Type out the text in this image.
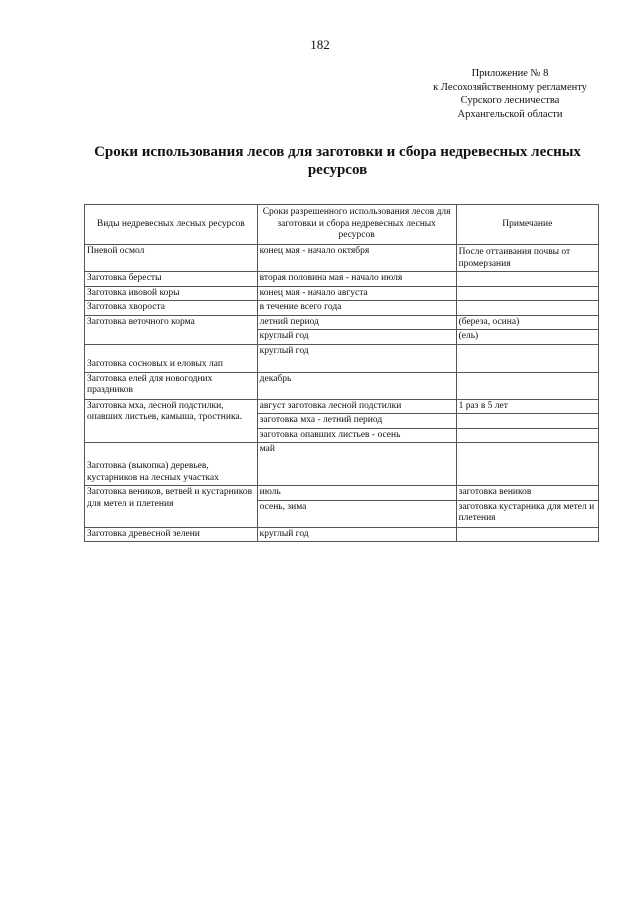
182
Приложение № 8
к Лесохозяйственному регламенту
Сурского лесничества
Архангельской области
Сроки использования лесов для заготовки и сбора недревесных лесных ресурсов
Виды недревесных лесных ресурсов	Сроки разрешенного использования лесов для заготовки и сбора недревесных лесных ресурсов	Примечание
Пневой осмол	конец мая - начало октября	После оттаивания почвы от промерзания
Заготовка бересты	вторая половина мая - начало июля	
Заготовка ивовой коры	конец мая - начало августа	
Заготовка хвороста	в течение всего года	
Заготовка веточного корма	летний период	(береза, осина)
	круглый год	(ель)
Заготовка сосновых и еловых лап	круглый год	
Заготовка елей для новогодних праздников	декабрь	
Заготовка мха, лесной подстилки, опавших листьев, камыша, тростника.	август заготовка лесной подстилки	1 раз в 5 лет
	заготовка мха - летний период	
	заготовка опавших листьев - осень	
Заготовка (выкопка) деревьев, кустарников на лесных участках	май	
Заготовка веников, ветвей и кустарников для метел и плетения	июль	заготовка веников
	осень, зима	заготовка кустарника для метел и плетения
Заготовка древесной зелени	круглый год	
